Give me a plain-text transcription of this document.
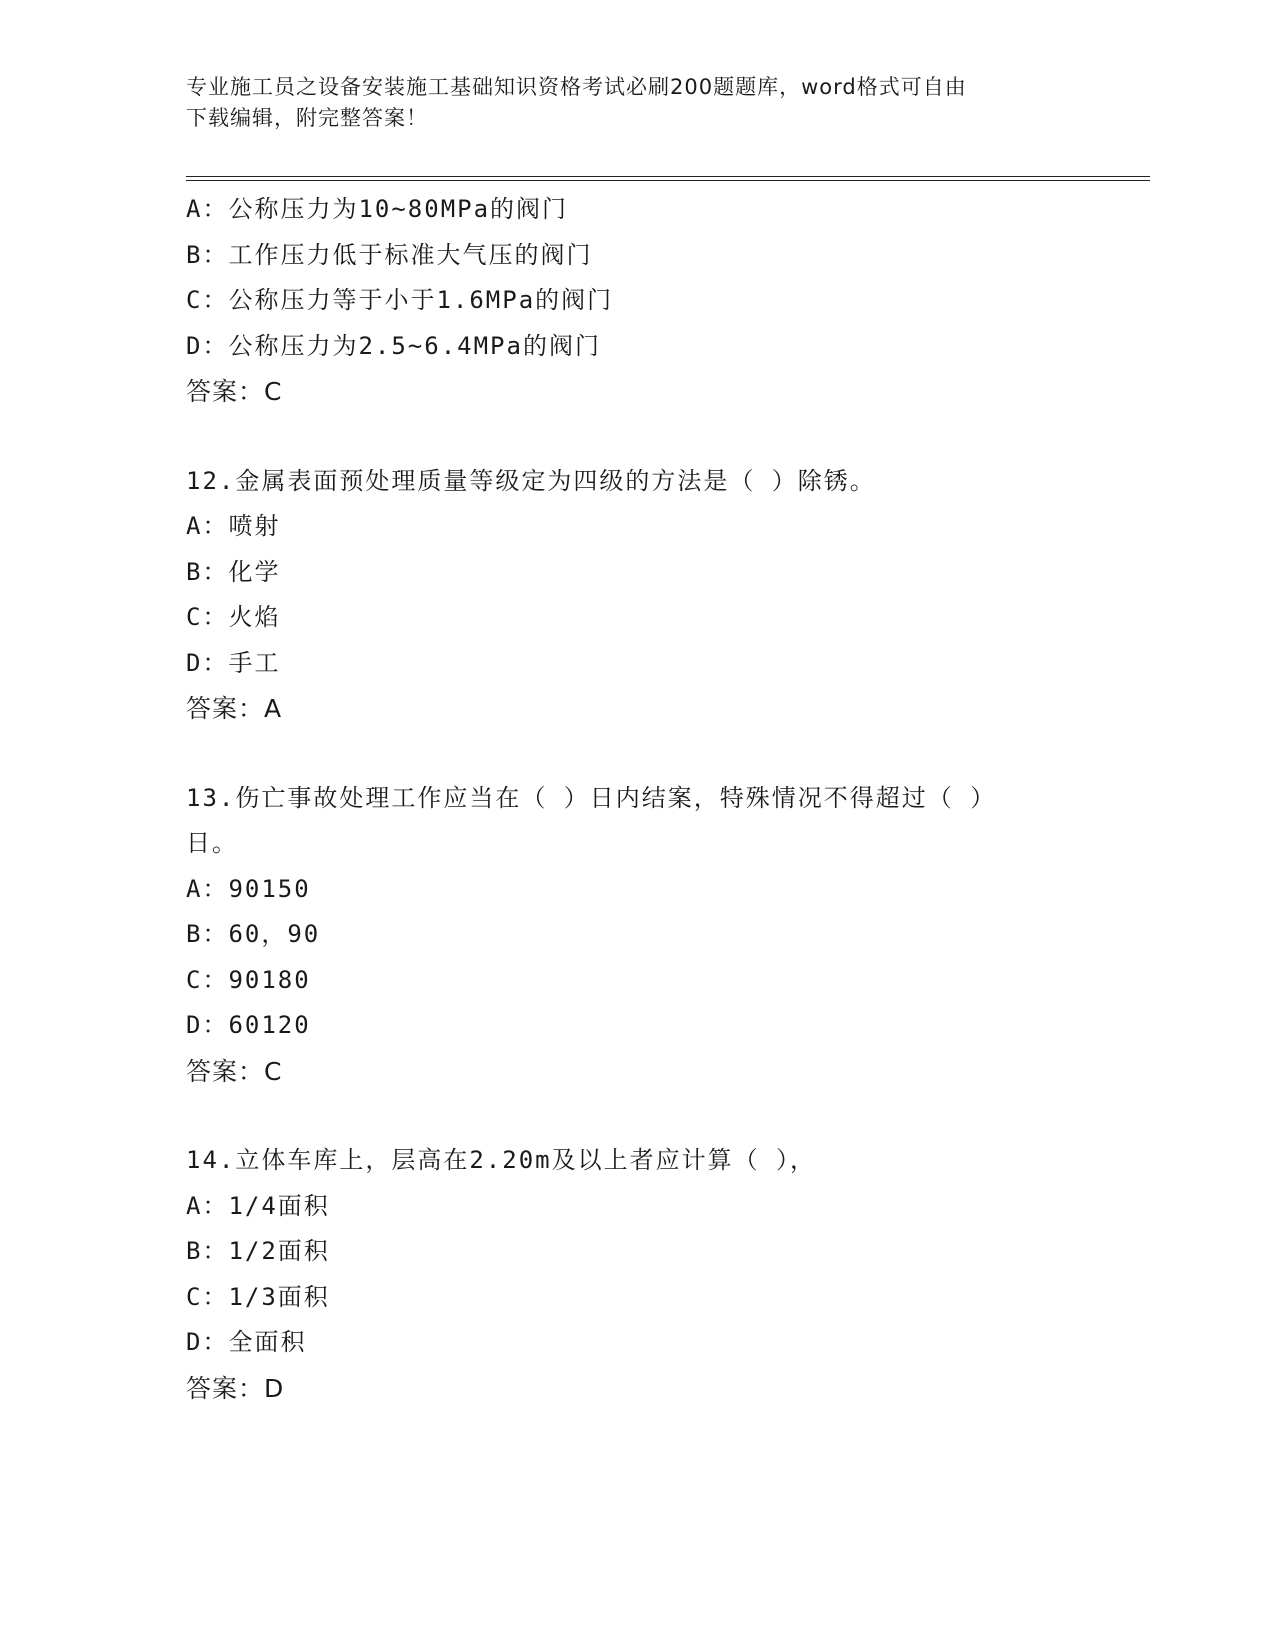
专业施工员之设备安装施工基础知识资格考试必刷200题题库，word格式可自由
下载编辑，附完整答案！
A：公称压力为10~80MPa的阀门
B：工作压力低于标准大气压的阀门
C：公称压力等于小于1.6MPa的阀门
D：公称压力为2.5~6.4MPa的阀门
答案：C
12.金属表面预处理质量等级定为四级的方法是（ ）除锈。
A：喷射
B：化学
C：火焰
D：手工
答案：A
13.伤亡事故处理工作应当在（ ）日内结案，特殊情况不得超过（ ）
日。
A：90150
B：60，90
C：90180
D：60120
答案：C
14.立体车库上，层高在2.20m及以上者应计算（ ），
A：1/4面积
B：1/2面积
C：1/3面积
D：全面积
答案：D
